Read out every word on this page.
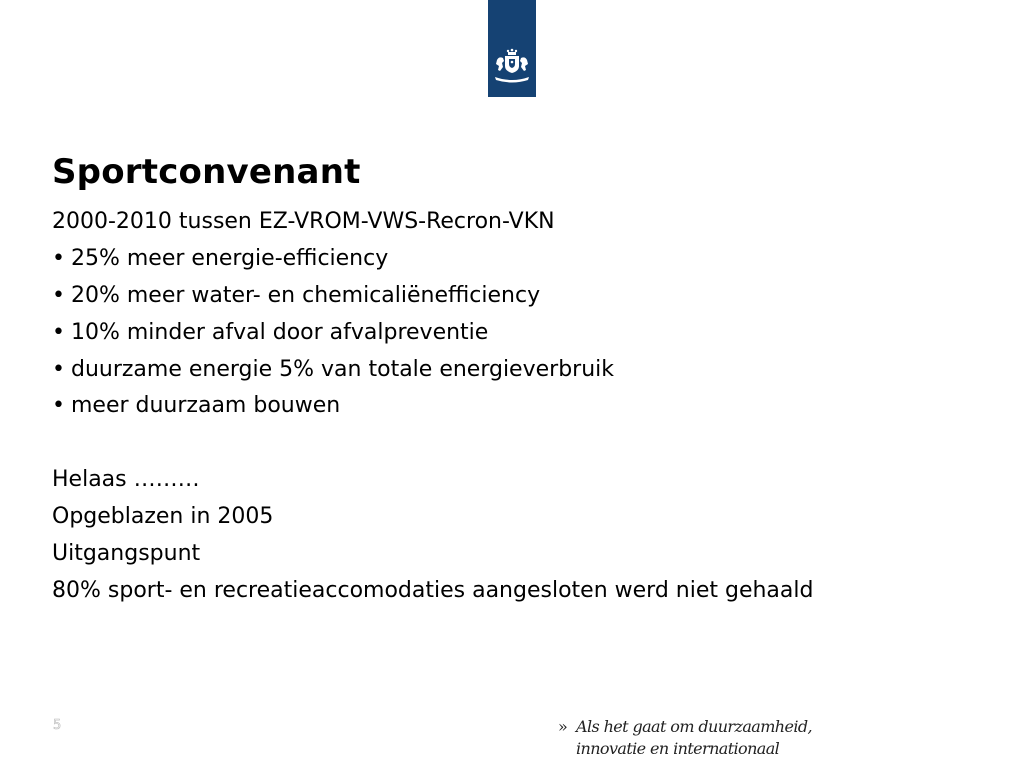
Sportconvenant
2000-2010 tussen EZ-VROM-VWS-Recron-VKN
• 25% meer energie-efficiency
• 20% meer water- en chemicaliënefficiency
• 10% minder afval door afvalpreventie
• duurzame energie 5% van totale energieverbruik
• meer duurzaam bouwen
Helaas ………
Opgeblazen in 2005
Uitgangspunt
80% sport- en recreatieaccomodaties aangesloten werd niet gehaald
5	» Als het gaat om duurzaamheid,
innovatie en internationaal
